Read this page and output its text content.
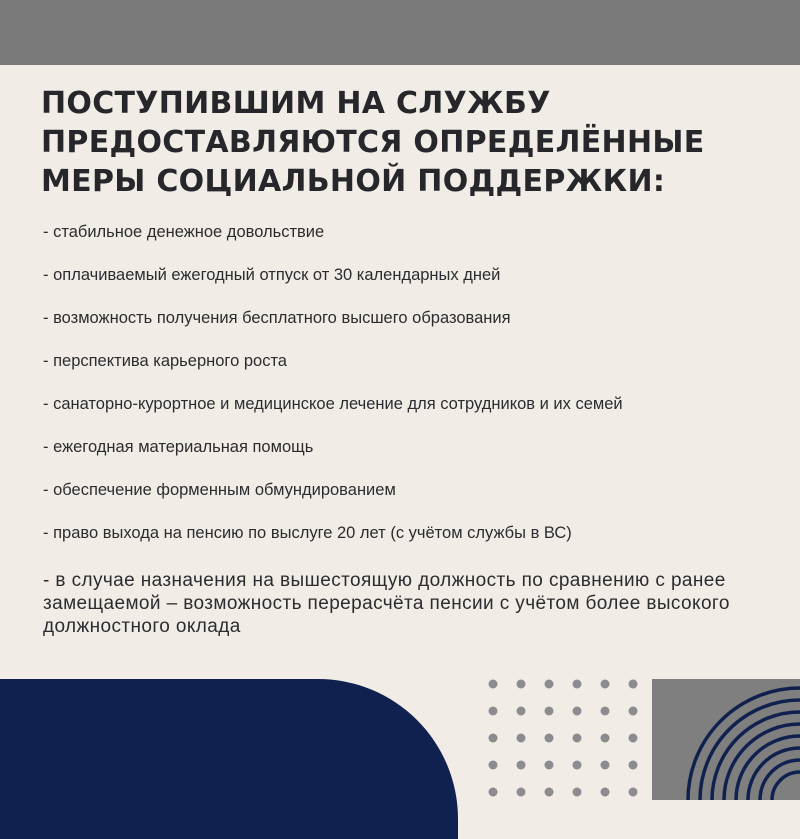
ПОСТУПИВШИМ НА СЛУЖБУ
ПРЕДОСТАВЛЯЮТСЯ ОПРЕДЕЛЁННЫЕ
МЕРЫ СОЦИАЛЬНОЙ ПОДДЕРЖКИ:
- стабильное денежное довольствие
- оплачиваемый ежегодный отпуск от 30 календарных дней
- возможность получения бесплатного высшего образования
- перспектива карьерного роста
- санаторно-курортное и медицинское лечение для сотрудников и их семей
- ежегодная материальная помощь
- обеспечение форменным обмундированием
- право выхода на пенсию по выслуге 20 лет (с учётом службы в ВС)

- в случае назначения на вышестоящую должность по сравнению с ранее замещаемой – возможность перерасчёта пенсии с учётом более высокого должностного оклада
